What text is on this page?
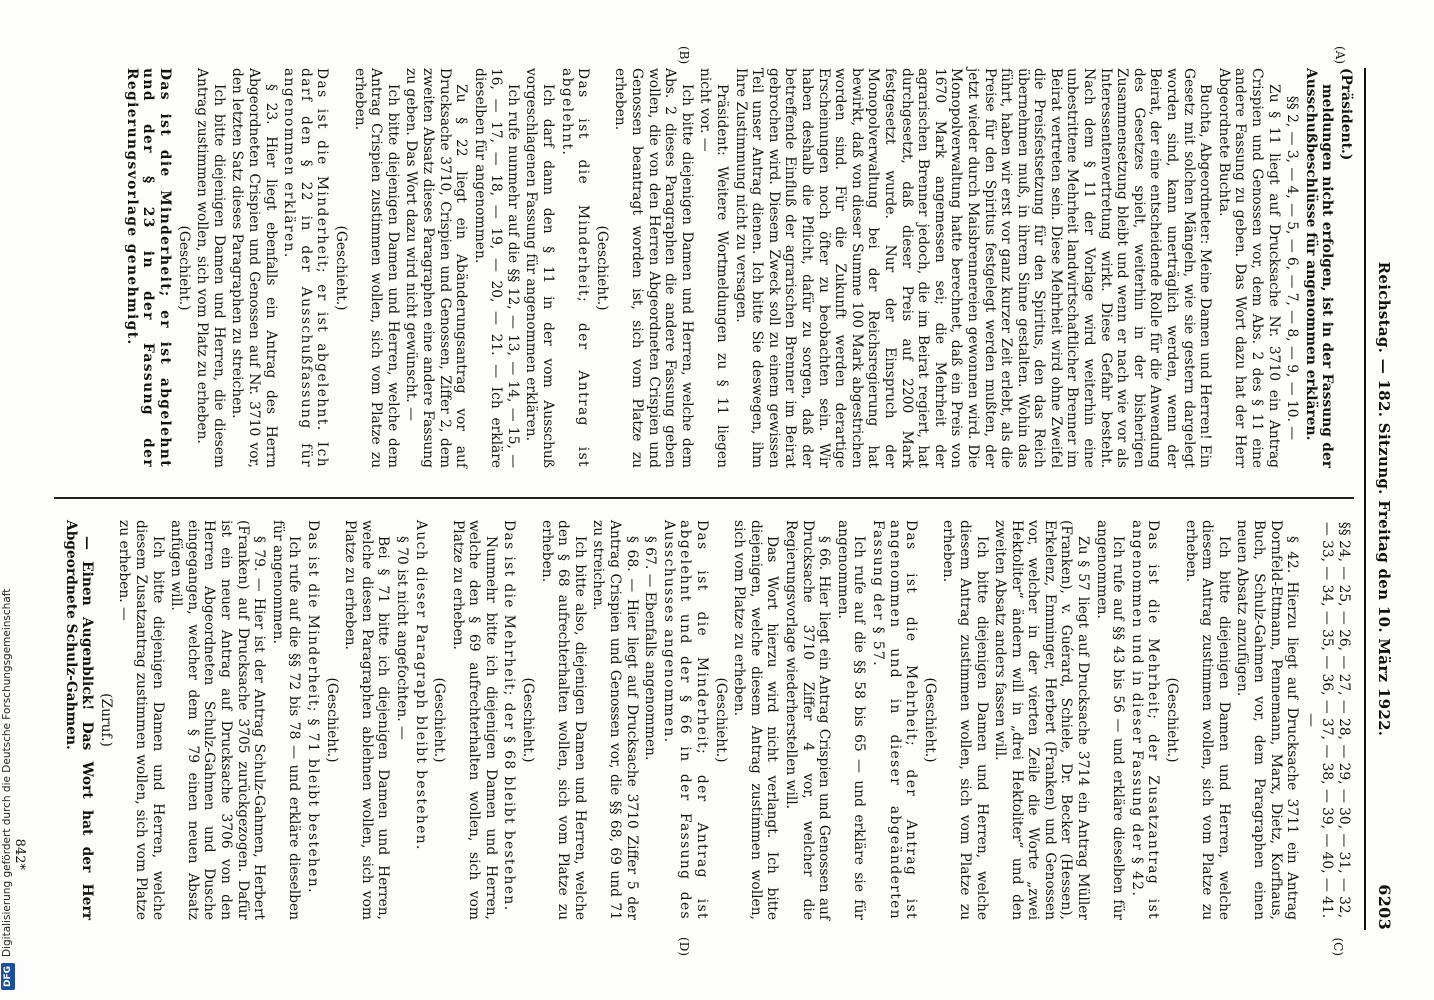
Reichstag. — 182. Sitzung. Freitag den 10. März 1922.
6203
(A)
(B)
(C)
(D)

(Präsident.)

meldungen nicht erfolgen, ist in der Fassung der Ausschußbeschlüsse für angenommen erklären.

§§ 2, — 3, — 4, — 5, — 6, — 7, — 8, — 9, — 10. —

Zu § 11 liegt auf Drucksache Nr. 3710 ein Antrag Crispien und Genossen vor, dem Abs. 2 des § 11 eine andere Fassung zu geben. Das Wort dazu hat der Herr Abgeordnete Buchta.

Buchta, Abgeordneter: Meine Damen und Herren! Ein Gesetz mit solchen Mängeln, wie sie gestern dargelegt worden sind, kann unerträglich werden, wenn der Beirat, der eine entscheidende Rolle für die Anwendung des Gesetzes spielt, weiterhin in der bisherigen Zusammensetzung bleibt und wenn er nach wie vor als Interessentenvertretung wirkt. Diese Gefahr besteht. Nach dem § 11 der Vorlage wird weiterhin eine unbestrittene Mehrheit landwirtschaftlicher Brenner im Beirat vertreten sein. Diese Mehrheit wird ohne Zweifel die Preisfestsetzung für den Spiritus, den das Reich übernehmen muß, in ihrem Sinne gestalten. Wohin das führt, haben wir erst vor ganz kurzer Zeit erlebt, als die Preise für den Spiritus festgelegt werden mußten, der jetzt wieder durch Maisbrennereien gewonnen wird. Die Monopolverwaltung hatte berechnet, daß ein Preis von 1670 Mark angemessen sei; die Mehrheit der agrarischen Brenner jedoch, die im Beirat regiert, hat durchgesetzt, daß dieser Preis auf 2200 Mark festgesetzt wurde. Nur der Einspruch der Monopolverwaltung bei der Reichsregierung hat bewirkt, daß von dieser Summe 100 Mark abgestrichen worden sind. Für die Zukunft werden derartige Erscheinungen noch öfter zu beobachten sein. Wir haben deshalb die Pflicht, dafür zu sorgen, daß der betreffende Einfluß der agrarischen Brenner im Beirat gebrochen wird. Diesem Zweck soll zu einem gewissen Teil unser Antrag dienen. Ich bitte Sie deswegen, ihm Ihre Zustimmung nicht zu versagen.

Präsident: Weitere Wortmeldungen zu § 11 liegen nicht vor. —

Ich bitte diejenigen Damen und Herren, welche dem Abs. 2 dieses Paragraphen die andere Fassung geben wollen, die von den Herren Abgeordneten Crispien und Genossen beantragt worden ist, sich vom Platze zu erheben.

(Geschieht.)

Das ist die Minderheit; der Antrag ist abgelehnt.

Ich darf dann den § 11 in der vom Ausschuß vorgeschlagenen Fassung für angenommen erklären.

Ich rufe nunmehr auf die §§ 12, — 13, — 14, — 15, — 16, — 17, — 18, — 19, — 20, — 21. — Ich erkläre dieselben für angenommen.

Zu § 22 liegt ein Abänderungsantrag vor auf Drucksache 3710, Crispien und Genossen, Ziffer 2, dem zweiten Absatz dieses Paragraphen eine andere Fassung zu geben. Das Wort dazu wird nicht gewünscht. —

Ich bitte diejenigen Damen und Herren, welche dem Antrag Crispien zustimmen wollen, sich vom Platze zu erheben.

(Geschieht.)

Das ist die Minderheit; er ist abgelehnt. Ich darf den § 22 in der Ausschußfassung für angenommen erklären.

§ 23. Hier liegt ebenfalls ein Antrag des Herrn Abgeordneten Crispien und Genossen auf Nr. 3710 vor, den letzten Satz dieses Paragraphen zu streichen.

Ich bitte diejenigen Damen und Herren, die diesem Antrag zustimmen wollen, sich vom Platz zu erheben.

(Geschieht.)

Das ist die Minderheit; er ist abgelehnt und der § 23 in der Fassung der Regierungsvorlage genehmigt.

§§ 24, — 25, — 26, — 27, — 28, — 29, — 30, — 31, — 32, — 33, — 34, — 35, — 36, — 37, — 38, — 39, — 40, — 41. —

§ 42. Hierzu liegt auf Drucksache 3711 ein Antrag Dornfeld-Ettmann, Pennemann, Marx, Dietz, Korfhaus, Buch, Schulz-Gahmen vor, dem Paragraphen einen neuen Absatz anzufügen.

Ich bitte diejenigen Damen und Herren, welche diesem Antrag zustimmen wollen, sich vom Platze zu erheben.

(Geschieht.)

Das ist die Mehrheit; der Zusatzantrag ist angenommen und in dieser Fassung der § 42.

Ich rufe auf §§ 43 bis 56 — und erkläre dieselben für angenommen.

Zu § 57 liegt auf Drucksache 3714 ein Antrag Müller (Franken), v. Guérard, Schiele, Dr. Becker (Hessen), Erkelenz, Emminger, Herbert (Franken) und Genossen vor, welcher in der vierten Zeile die Worte „zwei Hektoliter“ ändern will in „drei Hektoliter“ und den zweiten Absatz anders fassen will.

Ich bitte diejenigen Damen und Herren, welche diesem Antrag zustimmen wollen, sich vom Platze zu erheben.

(Geschieht.)

Das ist die Mehrheit; der Antrag ist angenommen und in dieser abgeänderten Fassung der § 57.

Ich rufe auf die §§ 58 bis 65 — und erkläre sie für angenommen.

§ 66. Hier liegt ein Antrag Crispien und Genossen auf Drucksache 3710 Ziffer 4 vor, welcher die Regierungsvorlage wiederherstellen will.

Das Wort hierzu wird nicht verlangt. Ich bitte diejenigen, welche diesem Antrag zustimmen wollen, sich vom Platze zu erheben.

(Geschieht.)

Das ist die Minderheit; der Antrag ist abgelehnt und der § 66 in der Fassung des Ausschusses angenommen.

§ 67. — Ebenfalls angenommen.

§ 68. — Hier liegt auf Drucksache 3710 Ziffer 5 der Antrag Crispien und Genossen vor, die §§ 68, 69 und 71 zu streichen.

Ich bitte also, diejenigen Damen und Herren, welche den § 68 aufrechterhalten wollen, sich vom Platze zu erheben.

(Geschieht.)

Das ist die Mehrheit; der § 68 bleibt bestehen.

Nunmehr bitte ich diejenigen Damen und Herren, welche den § 69 aufrechterhalten wollen, sich vom Platze zu erheben.

(Geschieht.)

Auch dieser Paragraph bleibt bestehen.

§ 70 ist nicht angefochten. —

Bei § 71 bitte ich diejenigen Damen und Herren, welche diesen Paragraphen ablehnen wollen, sich vom Platze zu erheben.

(Geschieht.)

Das ist die Minderheit; § 71 bleibt bestehen.

Ich rufe auf die §§ 72 bis 78 — und erkläre dieselben für angenommen.

§ 79. — Hier ist der Antrag Schulz-Gahmen, Herbert (Franken) auf Drucksache 3705 zurückgezogen. Dafür ist ein neuer Antrag auf Drucksache 3706 von den Herren Abgeordneten Schulz-Gahmen und Dusche eingegangen, welcher dem § 79 einen neuen Absatz anfügen will.

Ich bitte diejenigen Damen und Herren, welche diesem Zusatzantrag zustimmen wollen, sich vom Platze zu erheben. —

(Zuruf.)

— Einen Augenblick! Das Wort hat der Herr Abgeordnete Schulz-Gahmen.

842*
DFGDigitalisierung gefördert durch die Deutsche Forschungsgemeinschaft
